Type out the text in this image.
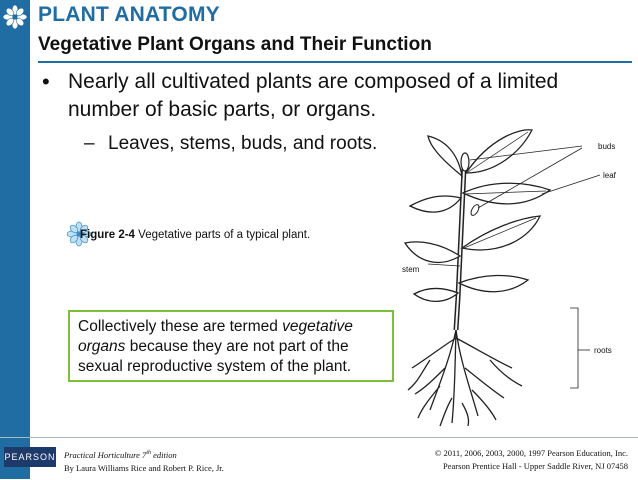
PLANT ANATOMY
Vegetative Plant Organs and Their Function
• Nearly all cultivated plants are composed of a limited number of basic parts, or organs.
– Leaves, stems, buds, and roots.
Figure 2-4 Vegetative parts of a typical plant.
Collectively these are termed vegetative organs because they are not part of the sexual reproductive system of the plant.
buds
leaf
stem
roots
PEARSON Practical Horticulture 7th edition
By Laura Williams Rice and Robert P. Rice, Jr.
© 2011, 2006, 2003, 2000, 1997 Pearson Education, Inc.
Pearson Prentice Hall - Upper Saddle River, NJ 07458
